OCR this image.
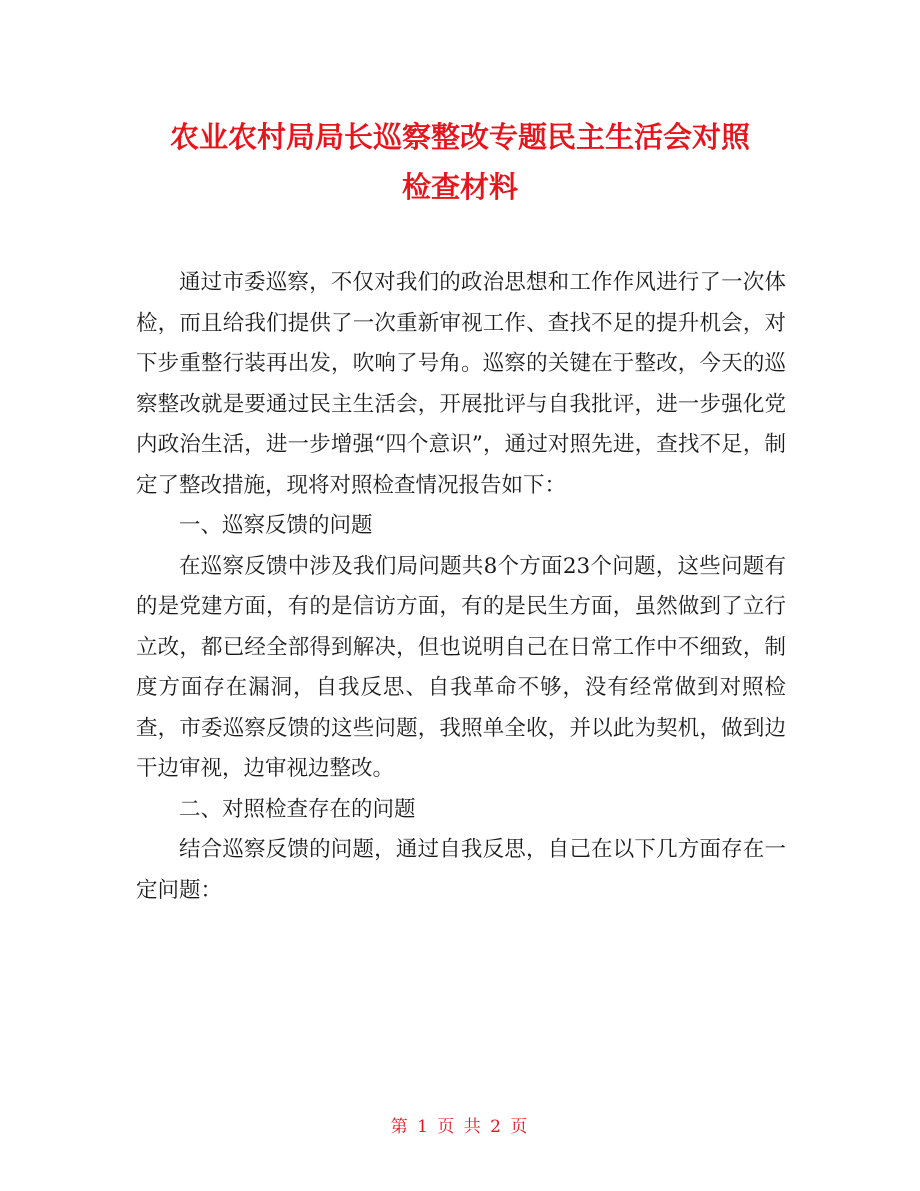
农业农村局局长巡察整改专题民主生活会对照
检查材料

通过市委巡察，不仅对我们的政治思想和工作作风进行了一次体检，而且给我们提供了一次重新审视工作、查找不足的提升机会，对下步重整行装再出发，吹响了号角。巡察的关键在于整改，今天的巡察整改就是要通过民主生活会，开展批评与自我批评，进一步强化党内政治生活，进一步增强“四个意识”，通过对照先进，查找不足，制定了整改措施，现将对照检查情况报告如下：

一、巡察反馈的问题

在巡察反馈中涉及我们局问题共8个方面23个问题，这些问题有的是党建方面，有的是信访方面，有的是民生方面，虽然做到了立行立改，都已经全部得到解决，但也说明自己在日常工作中不细致，制度方面存在漏洞，自我反思、自我革命不够，没有经常做到对照检查，市委巡察反馈的这些问题，我照单全收，并以此为契机，做到边干边审视，边审视边整改。

二、对照检查存在的问题

结合巡察反馈的问题，通过自我反思，自己在以下几方面存在一定问题：

第 1 页 共 2 页
